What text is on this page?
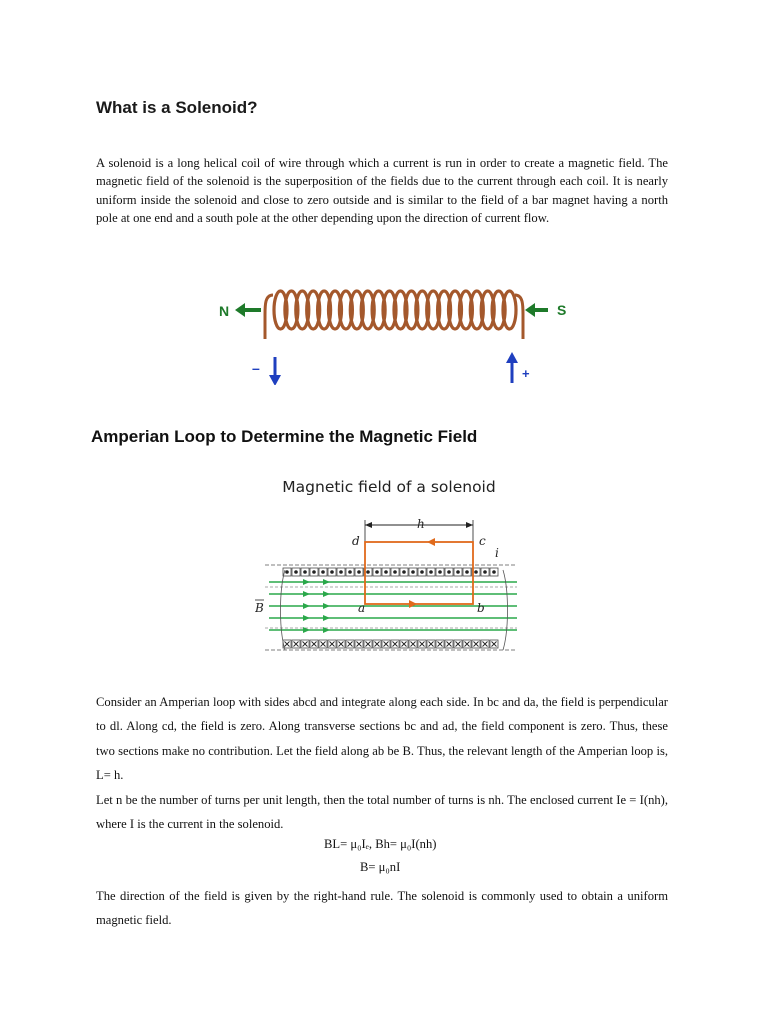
What is a Solenoid?

A solenoid is a long helical coil of wire through which a current is run in order to create a magnetic field. The magnetic field of the solenoid is the superposition of the fields due to the current through each coil. It is nearly uniform inside the solenoid and close to zero outside and is similar to the field of a bar magnet having a north pole at one end and a south pole at the other depending upon the direction of current flow.

N	S
–	+
Amperian Loop to Determine the Magnetic Field
Magnetic field of a solenoid
h
d	c
i
B	a	b

Consider an Amperian loop with sides abcd and integrate along each side. In bc and da, the field is perpendicular to dl. Along cd, the field is zero. Along transverse sections bc and ad, the field component is zero. Thus, these two sections make no contribution. Let the field along ab be B. Thus, the relevant length of the Amperian loop is, L= h.

Let n be the number of turns per unit length, then the total number of turns is nh. The enclosed current Ie = I(nh), where I is the current in the solenoid.

BL= μ₀Iₑ, Bh= μ₀I(nh)
B= μ₀nI

The direction of the field is given by the right-hand rule. The solenoid is commonly used to obtain a uniform magnetic field.
